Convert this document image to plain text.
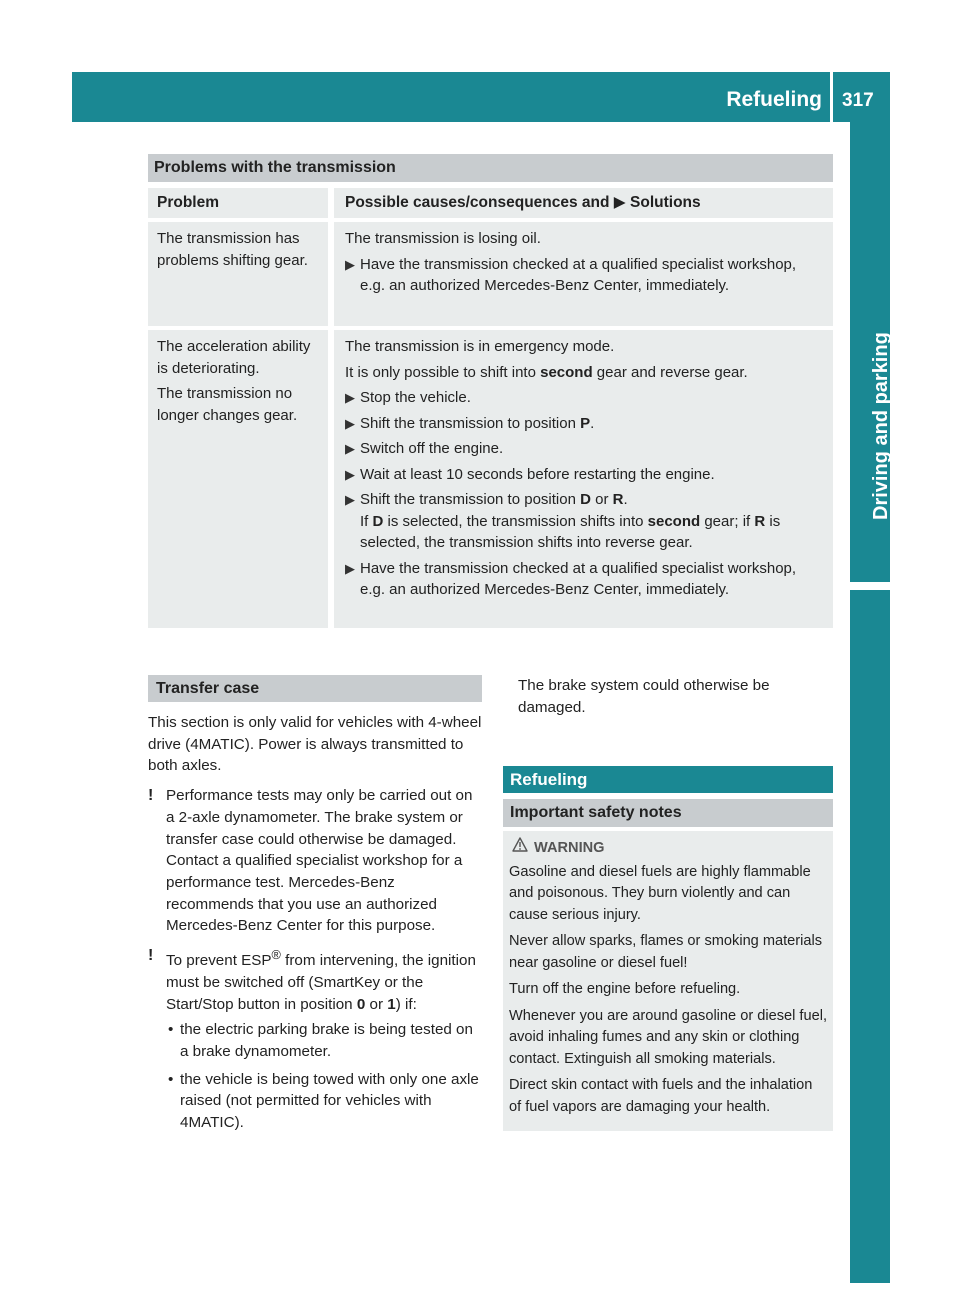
Refueling 317
Driving and parking
Problems with the transmission
Problem	Possible causes/consequences and ▶ Solutions
The transmission has problems shifting gear.

The transmission is losing oil.

▶ Have the transmission checked at a qualified specialist workshop, e.g. an authorized Mercedes-Benz Center, immediately.

The acceleration ability is deteriorating.

The transmission no longer changes gear.

The transmission is in emergency mode.

It is only possible to shift into second gear and reverse gear.

▶ Stop the vehicle.
▶ Shift the transmission to position P.
▶ Switch off the engine.
▶ Wait at least 10 seconds before restarting the engine.
▶ Shift the transmission to position D or R.
If D is selected, the transmission shifts into second gear; if R is selected, the transmission shifts into reverse gear.
▶ Have the transmission checked at a qualified specialist workshop, e.g. an authorized Mercedes-Benz Center, immediately.
Transfer case

This section is only valid for vehicles with 4-wheel drive (4MATIC). Power is always transmitted to both axles.

! Performance tests may only be carried out on a 2-axle dynamometer. The brake system or transfer case could otherwise be damaged. Contact a qualified specialist workshop for a performance test. Mercedes-Benz recommends that you use an authorized Mercedes-Benz Center for this purpose.
! To prevent ESP® from intervening, the ignition must be switched off (SmartKey or the Start/Stop button in position 0 or 1) if:
• the electric parking brake is being tested on a brake dynamometer.
• the vehicle is being towed with only one axle raised (not permitted for vehicles with 4MATIC).
The brake system could otherwise be damaged.
Refueling
Important safety notes
WARNING

Gasoline and diesel fuels are highly flammable and poisonous. They burn violently and can cause serious injury.

Never allow sparks, flames or smoking materials near gasoline or diesel fuel!

Turn off the engine before refueling.

Whenever you are around gasoline or diesel fuel, avoid inhaling fumes and any skin or clothing contact. Extinguish all smoking materials.

Direct skin contact with fuels and the inhalation of fuel vapors are damaging your health.
